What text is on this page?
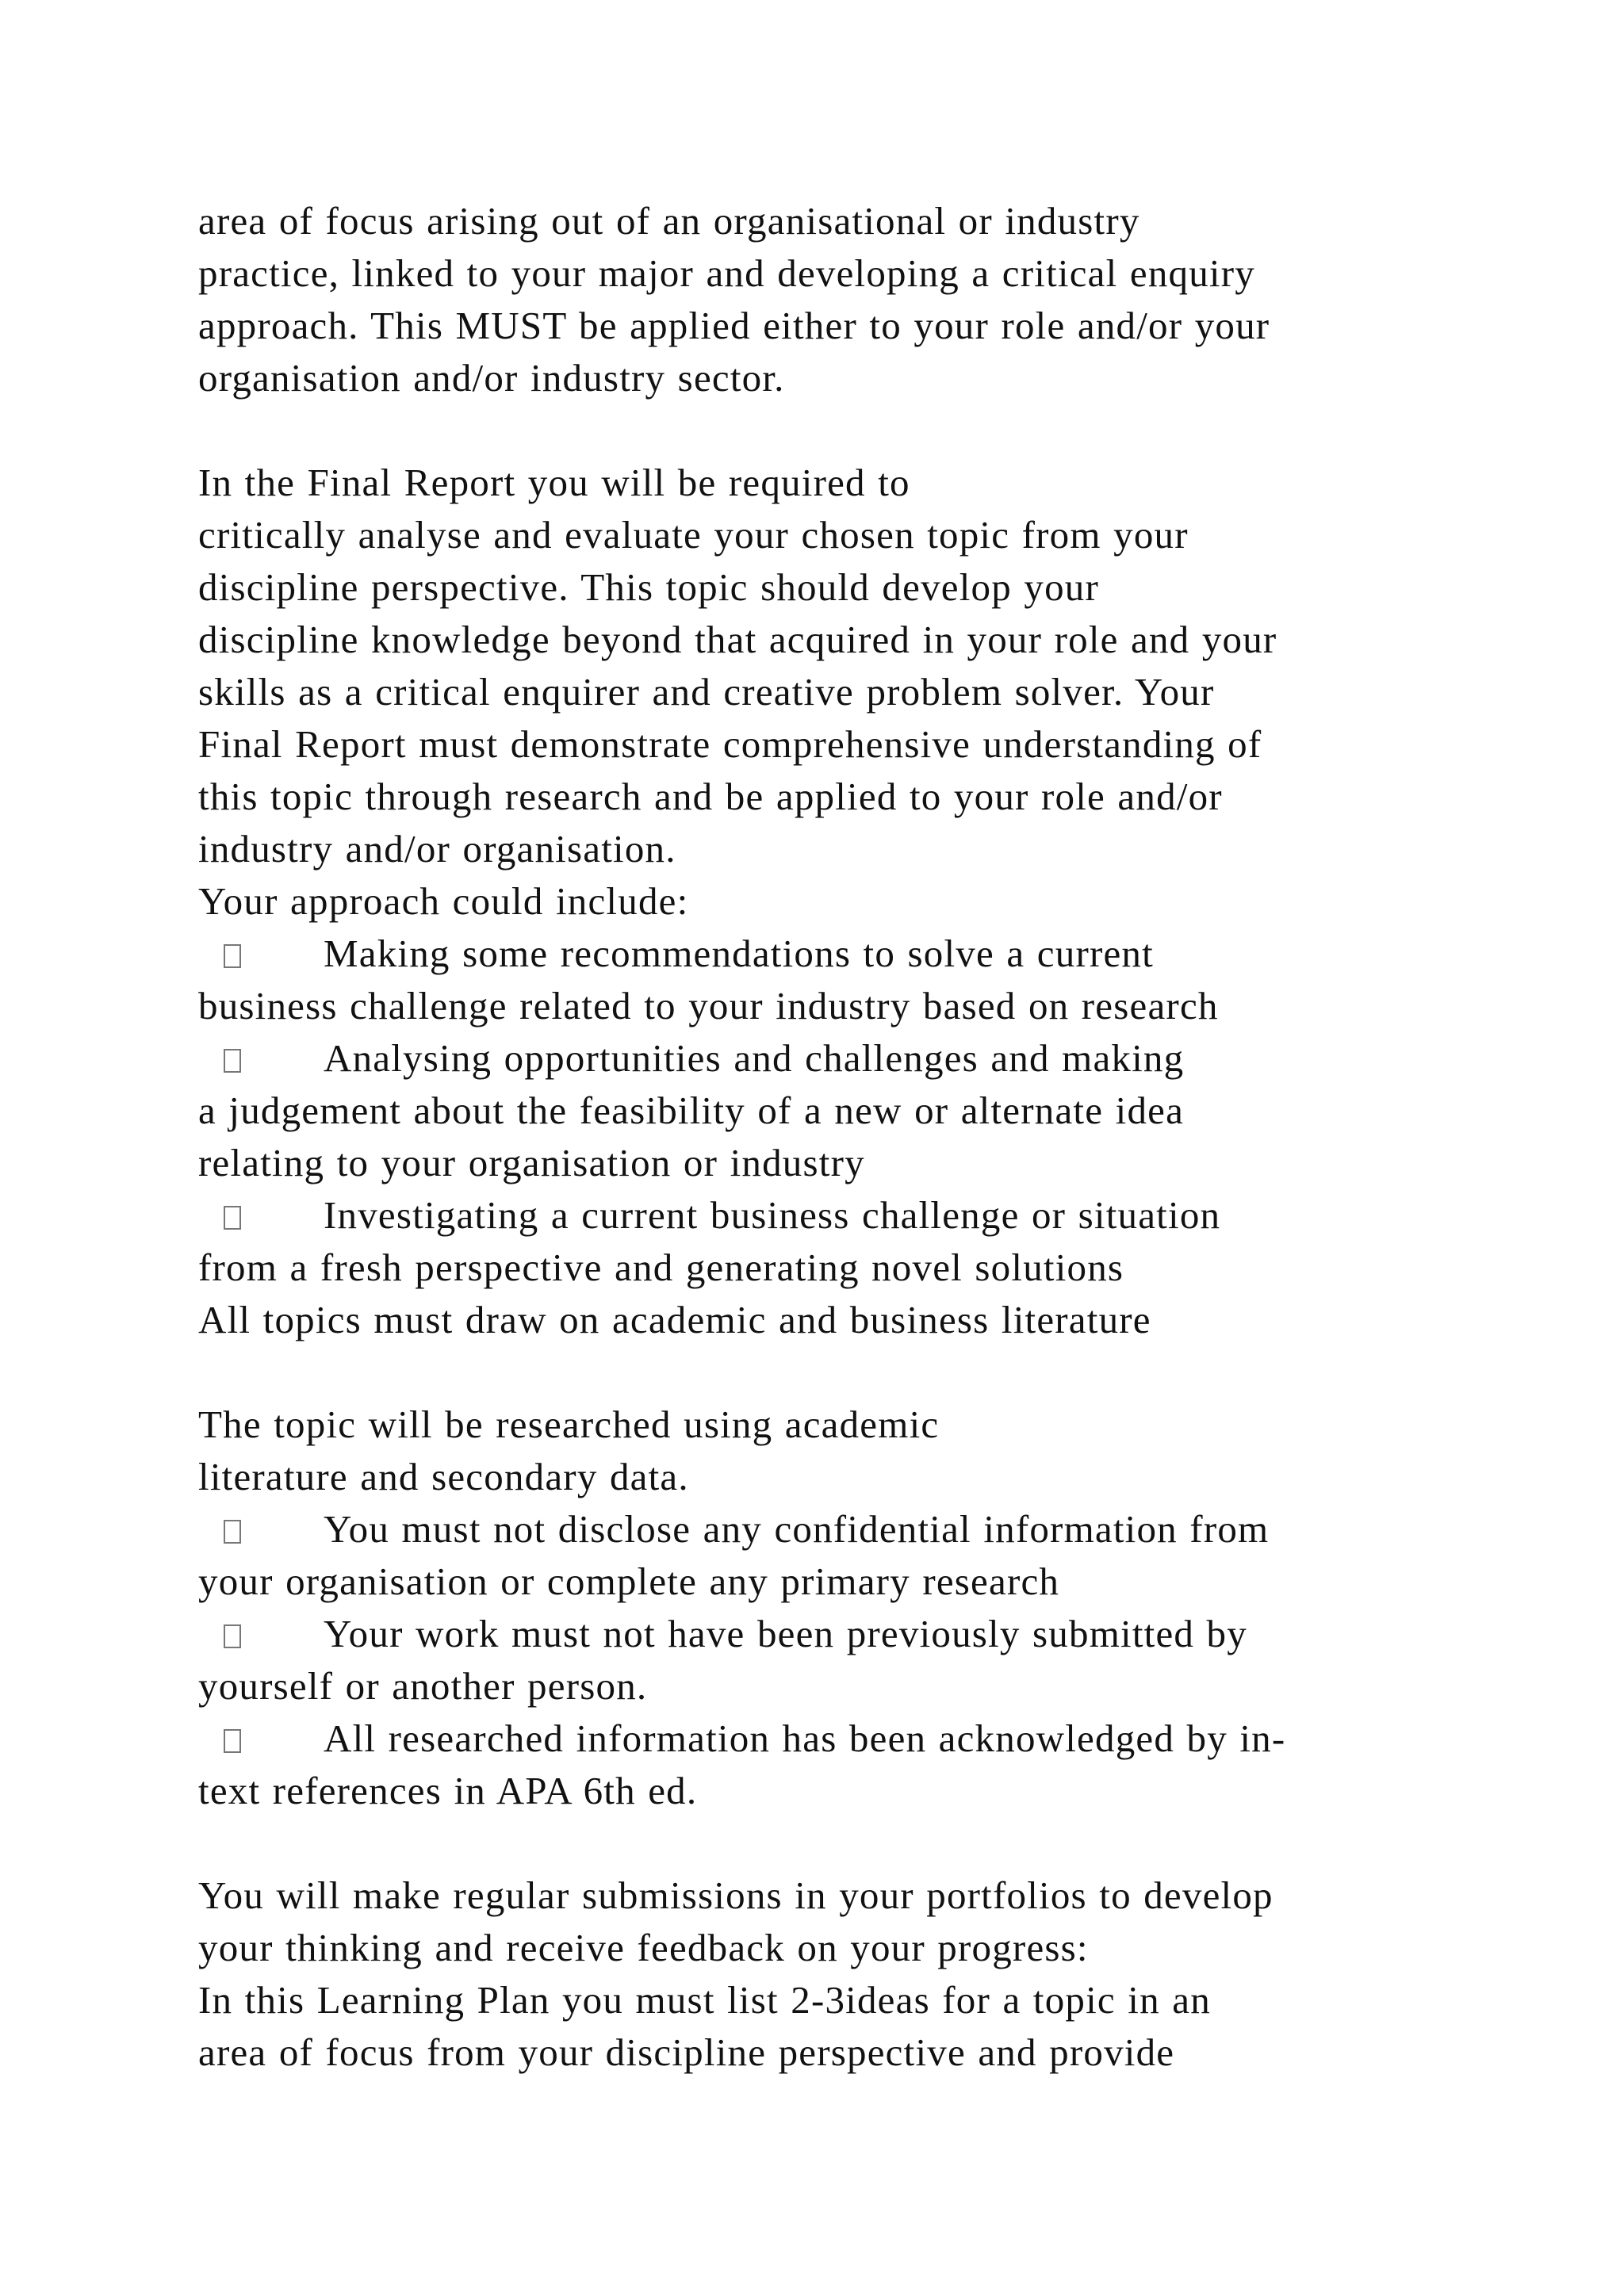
area of focus arising out of an organisational or industry
practice, linked to your major and developing a critical enquiry
approach. This MUST be applied either to your role and/or your
organisation and/or industry sector.
In the Final Report you will be required to
critically analyse and evaluate your chosen topic from your
discipline perspective. This topic should develop your
discipline knowledge beyond that acquired in your role and your
skills as a critical enquirer and creative problem solver. Your
Final Report must demonstrate comprehensive understanding of
this topic through research and be applied to your role and/or
industry and/or organisation.
Your approach could include:
Making some recommendations to solve a current
business challenge related to your industry based on research
Analysing opportunities and challenges and making
a judgement about the feasibility of a new or alternate idea
relating to your organisation or industry
Investigating a current business challenge or situation
from a fresh perspective and generating novel solutions
All topics must draw on academic and business literature
The topic will be researched using academic
literature and secondary data.
You must not disclose any confidential information from
your organisation or complete any primary research
Your work must not have been previously submitted by
yourself or another person.
All researched information has been acknowledged by in-
text references in APA 6th ed.
You will make regular submissions in your portfolios to develop
your thinking and receive feedback on your progress:
In this Learning Plan you must list 2-3ideas for a topic in an
area of focus from your discipline perspective and provide
